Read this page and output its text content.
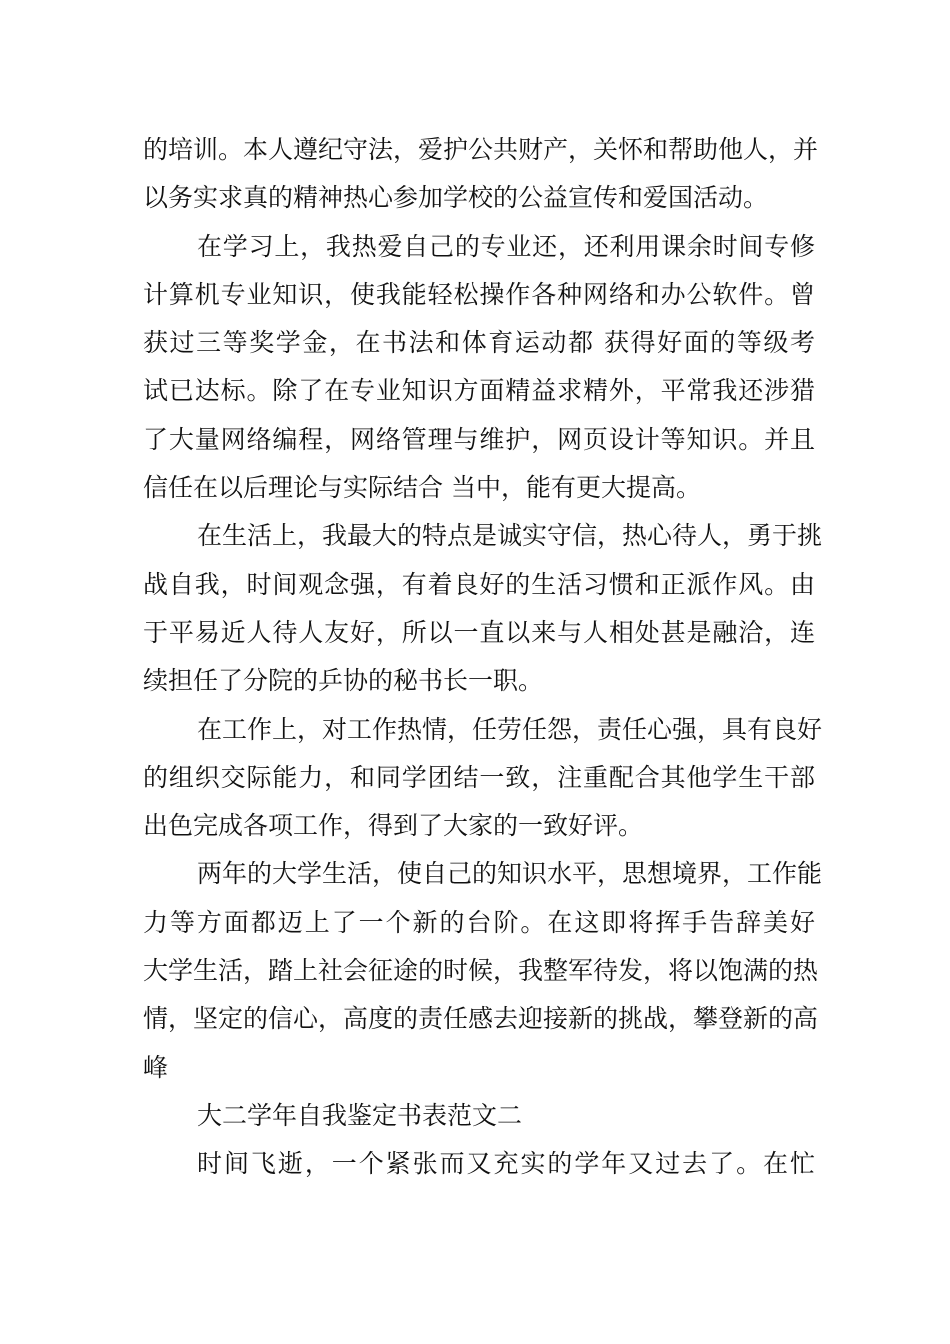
的培训。本人遵纪守法，爱护公共财产，关怀和帮助他人，并
以务实求真的精神热心参加学校的公益宣传和爱国活动。
在学习上，我热爱自己的专业还，还利用课余时间专修
计算机专业知识，使我能轻松操作各种网络和办公软件。曾
获过三等奖学金，在书法和体育运动都 获得好面的等级考
试已达标。除了在专业知识方面精益求精外，平常我还涉猎
了大量网络编程，网络管理与维护，网页设计等知识。并且
信任在以后理论与实际结合 当中，能有更大提高。
在生活上，我最大的特点是诚实守信，热心待人，勇于挑
战自我，时间观念强，有着良好的生活习惯和正派作风。由
于平易近人待人友好，所以一直以来与人相处甚是融洽，连
续担任了分院的乒协的秘书长一职。
在工作上，对工作热情，任劳任怨，责任心强，具有良好
的组织交际能力，和同学团结一致，注重配合其他学生干部
出色完成各项工作，得到了大家的一致好评。
两年的大学生活，使自己的知识水平，思想境界，工作能
力等方面都迈上了一个新的台阶。在这即将挥手告辞美好
大学生活，踏上社会征途的时候，我整军待发，将以饱满的热
情，坚定的信心，高度的责任感去迎接新的挑战，攀登新的高
峰
大二学年自我鉴定书表范文二
时间飞逝，一个紧张而又充实的学年又过去了。在忙
